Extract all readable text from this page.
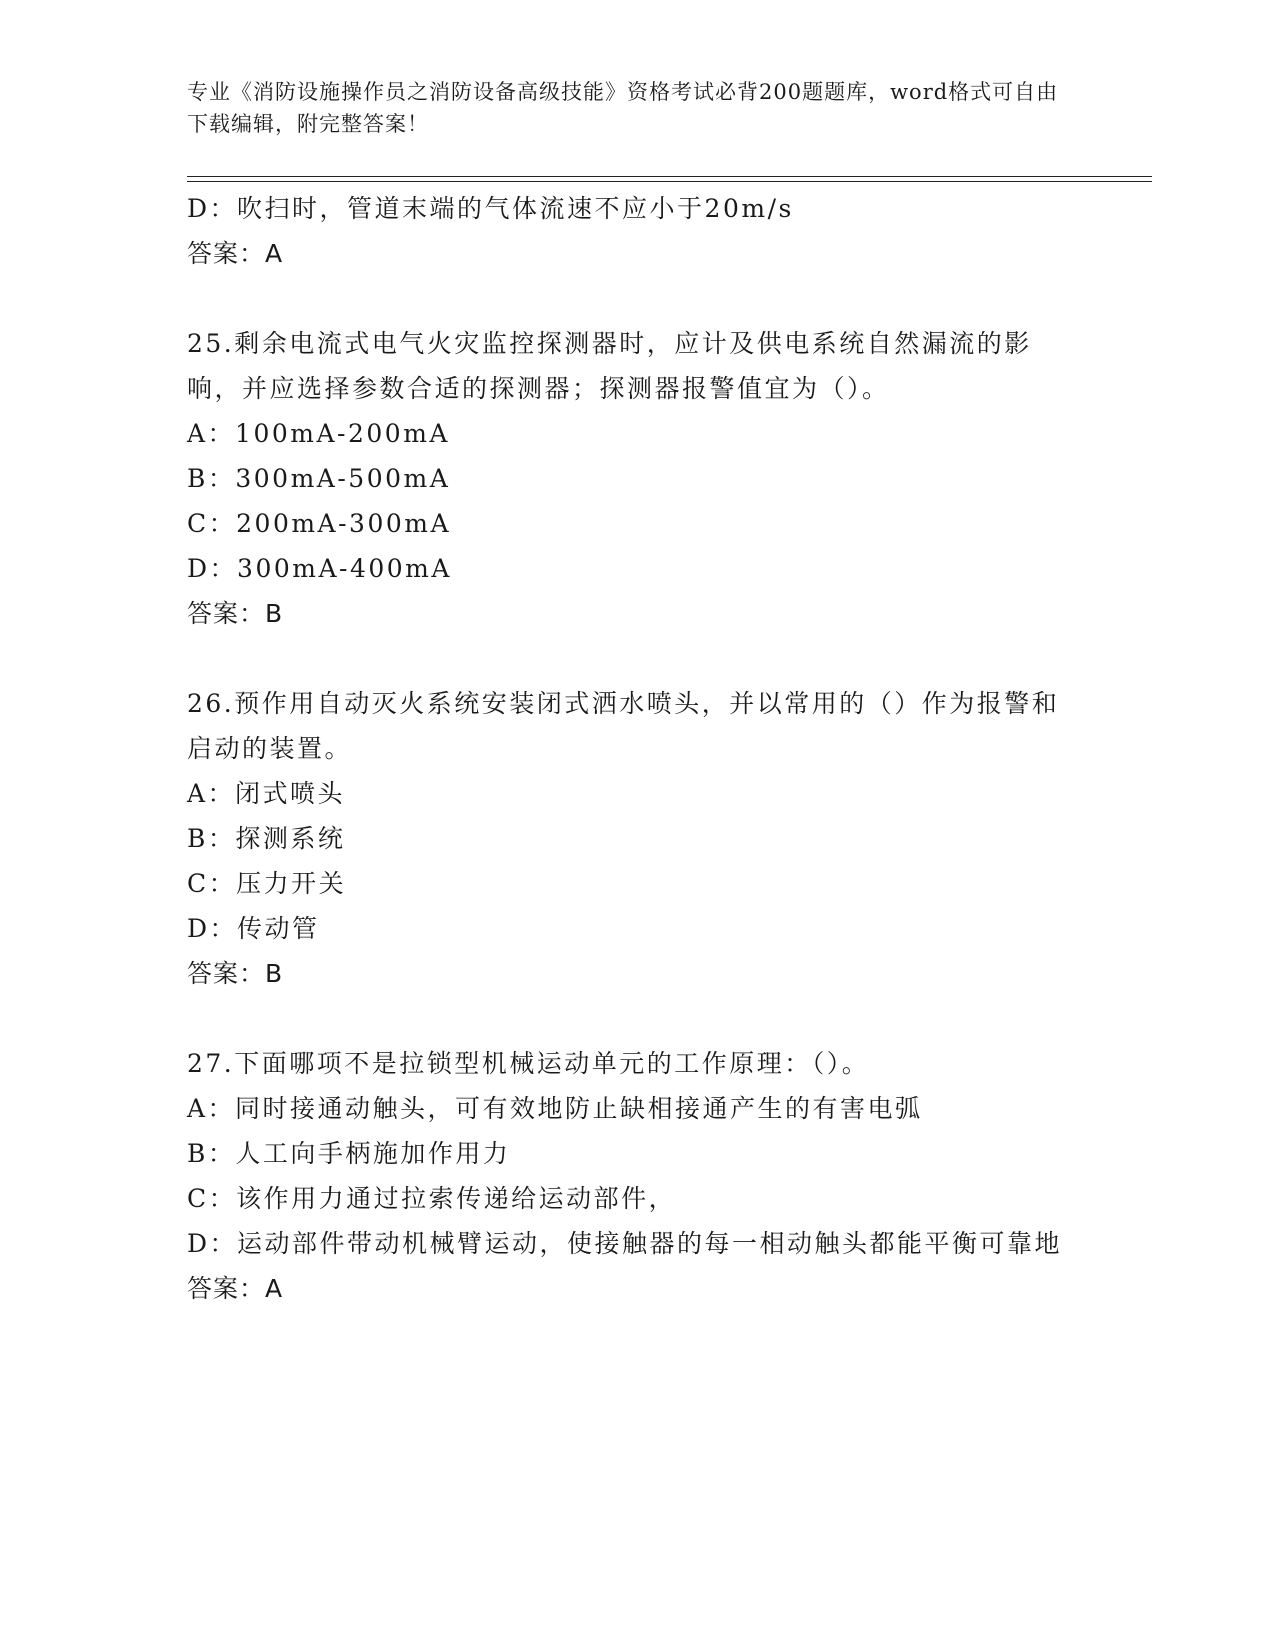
专业《消防设施操作员之消防设备高级技能》资格考试必背200题题库，word格式可自由下载编辑，附完整答案！
D：吹扫时，管道末端的气体流速不应小于20m/s
答案：A
25.剩余电流式电气火灾监控探测器时，应计及供电系统自然漏流的影响，并应选择参数合适的探测器；探测器报警值宜为（）。
A：100mA-200mA
B：300mA-500mA
C：200mA-300mA
D：300mA-400mA
答案：B
26.预作用自动灭火系统安装闭式洒水喷头，并以常用的（）作为报警和启动的装置。
A：闭式喷头
B：探测系统
C：压力开关
D：传动管
答案：B
27.下面哪项不是拉锁型机械运动单元的工作原理：（）。
A：同时接通动触头，可有效地防止缺相接通产生的有害电弧
B：人工向手柄施加作用力
C：该作用力通过拉索传递给运动部件，
D：运动部件带动机械臂运动，使接触器的每一相动触头都能平衡可靠地
答案：A
